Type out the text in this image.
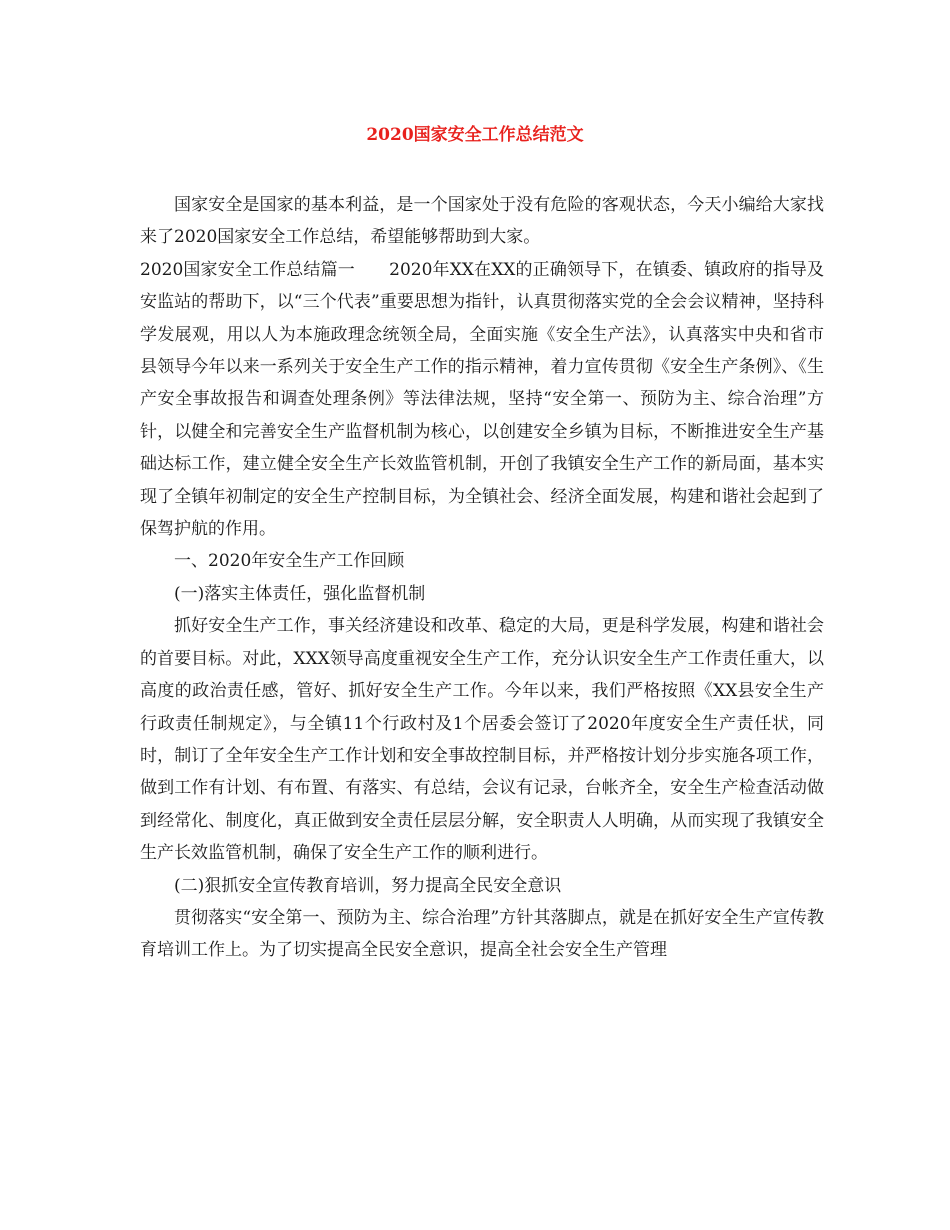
2020国家安全工作总结范文

国家安全是国家的基本利益，是一个国家处于没有危险的客观状态，今天小编给大家找来了2020国家安全工作总结，希望能够帮助到大家。

2020国家安全工作总结篇一　　2020年XX在XX的正确领导下，在镇委、镇政府的指导及安监站的帮助下，以“三个代表”重要思想为指针，认真贯彻落实党的全会会议精神，坚持科学发展观，用以人为本施政理念统领全局，全面实施《安全生产法》，认真落实中央和省市县领导今年以来一系列关于安全生产工作的指示精神，着力宣传贯彻《安全生产条例》、《生产安全事故报告和调查处理条例》等法律法规，坚持“安全第一、预防为主、综合治理”方针，以健全和完善安全生产监督机制为核心，以创建安全乡镇为目标，不断推进安全生产基础达标工作，建立健全安全生产长效监管机制，开创了我镇安全生产工作的新局面，基本实现了全镇年初制定的安全生产控制目标，为全镇社会、经济全面发展，构建和谐社会起到了保驾护航的作用。

一、2020年安全生产工作回顾

(一)落实主体责任，强化监督机制

抓好安全生产工作，事关经济建设和改革、稳定的大局，更是科学发展，构建和谐社会的首要目标。对此，XXX领导高度重视安全生产工作，充分认识安全生产工作责任重大，以高度的政治责任感，管好、抓好安全生产工作。今年以来，我们严格按照《XX县安全生产行政责任制规定》，与全镇11个行政村及1个居委会签订了2020年度安全生产责任状，同时，制订了全年安全生产工作计划和安全事故控制目标，并严格按计划分步实施各项工作，做到工作有计划、有布置、有落实、有总结，会议有记录，台帐齐全，安全生产检查活动做到经常化、制度化，真正做到安全责任层层分解，安全职责人人明确，从而实现了我镇安全生产长效监管机制，确保了安全生产工作的顺利进行。

(二)狠抓安全宣传教育培训，努力提高全民安全意识

贯彻落实“安全第一、预防为主、综合治理”方针其落脚点，就是在抓好安全生产宣传教育培训工作上。为了切实提高全民安全意识，提高全社会安全生产管理
